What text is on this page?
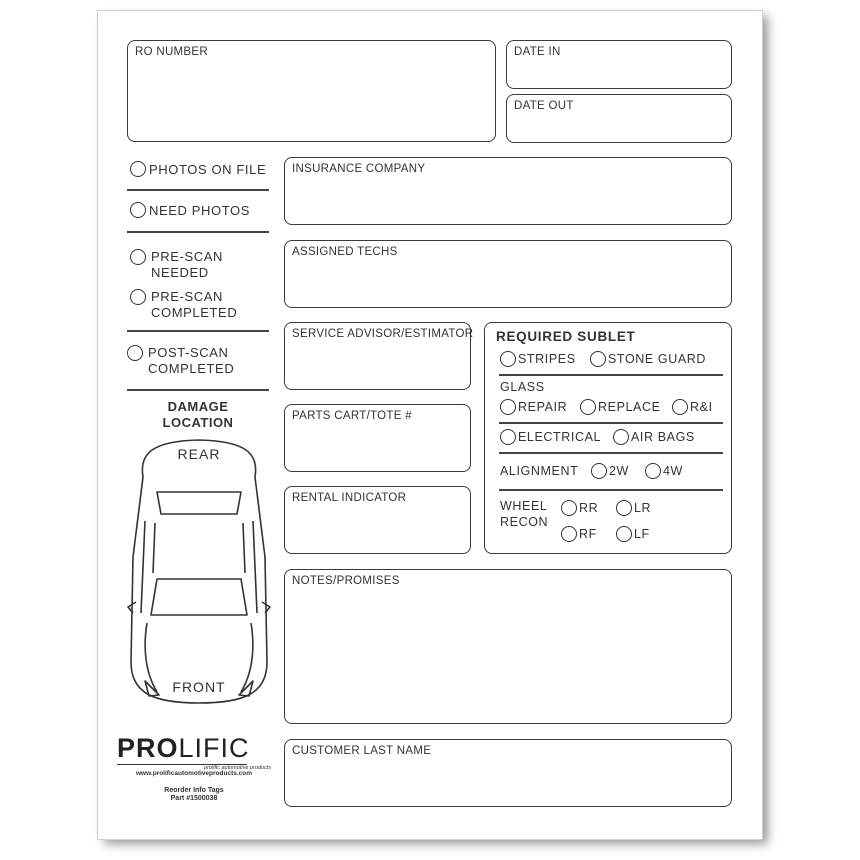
RO NUMBER	DATE IN
DATE OUT
PHOTOS ON FILE
NEED PHOTOS
PRE-SCAN
NEEDED
PRE-SCAN
COMPLETED
POST-SCAN
COMPLETED
DAMAGE
LOCATION
REAR
FRONT
PROLIFIC
prolific automotive products
www.prolificautomotiveproducts.com
Reorder Info Tags
Part #1500038
INSURANCE COMPANY
ASSIGNED TECHS
SERVICE ADVISOR/ESTIMATOR
PARTS CART/TOTE #
RENTAL INDICATOR
REQUIRED SUBLET
STRIPES	STONE GUARD
GLASS
REPAIR REPLACE R&I
ELECTRICAL AIR BAGS
ALIGNMENT 2W	4W
WHEEL
RECON
RR	LR
RF	LF
NOTES/PROMISES
CUSTOMER LAST NAME
